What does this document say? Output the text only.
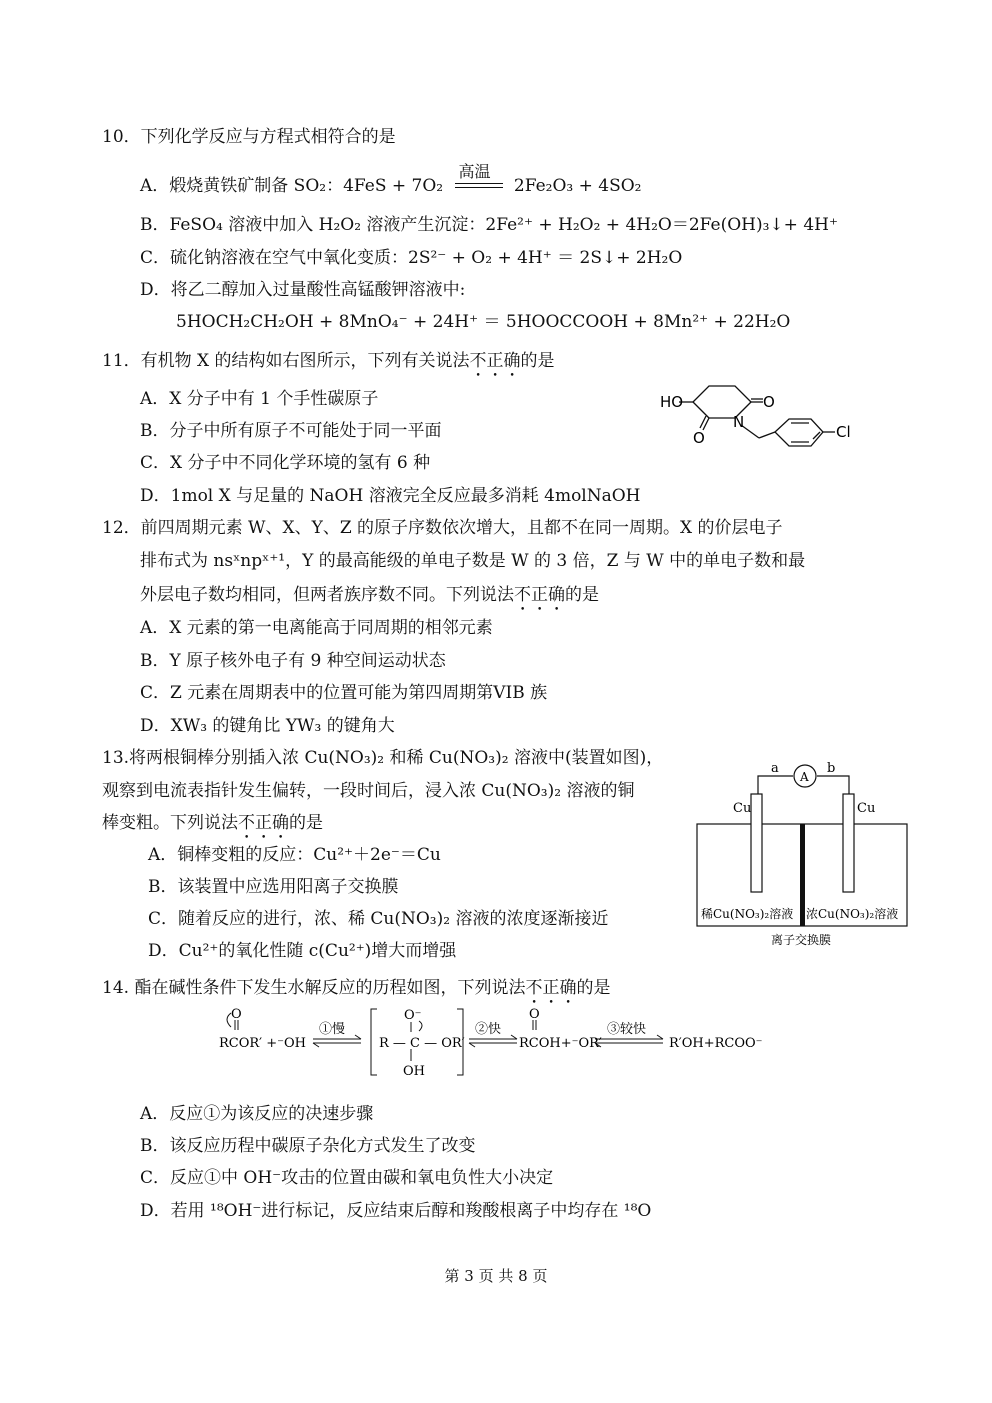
10．下列化学反应与方程式相符合的是
A．煅烧黄铁矿制备 SO₂：4FeS + 7O₂
高温
2Fe₂O₃ + 4SO₂
B．FeSO₄ 溶液中加入 H₂O₂ 溶液产生沉淀：2Fe²⁺ + H₂O₂ + 4H₂O＝2Fe(OH)₃↓+ 4H⁺
C．硫化钠溶液在空气中氧化变质：2S²⁻ + O₂ + 4H⁺ ＝ 2S↓+ 2H₂O
D．将乙二醇加入过量酸性高锰酸钾溶液中:
5HOCH₂CH₂OH + 8MnO₄⁻ + 24H⁺ ＝ 5HOOCCOOH + 8Mn²⁺ + 22H₂O
11．有机物 X 的结构如右图所示，下列有关说法不正确的是
A．X 分子中有 1 个手性碳原子
B．分子中所有原子不可能处于同一平面
C．X 分子中不同化学环境的氢有 6 种
D．1mol X 与足量的 NaOH 溶液完全反应最多消耗 4molNaOH
HO	O
O
N
Cl
12．前四周期元素 W、X、Y、Z 的原子序数依次增大，且都不在同一周期。X 的价层电子
排布式为 nsˣnpˣ⁺¹，Y 的最高能级的单电子数是 W 的 3 倍，Z 与 W 中的单电子数和最
外层电子数均相同，但两者族序数不同。下列说法不正确的是
A．X 元素的第一电离能高于同周期的相邻元素
B．Y 原子核外电子有 9 种空间运动状态
C．Z 元素在周期表中的位置可能为第四周期第VIB 族
D．XW₃ 的键角比 YW₃ 的键角大
13.将两根铜棒分别插入浓 Cu(NO₃)₂ 和稀 Cu(NO₃)₂ 溶液中(装置如图)，
观察到电流表指针发生偏转，一段时间后，浸入浓 Cu(NO₃)₂ 溶液的铜
棒变粗。下列说法不正确的是
A．铜棒变粗的反应：Cu²⁺＋2e⁻＝Cu
B．该装置中应选用阳离子交换膜
C．随着反应的进行，浓、稀 Cu(NO₃)₂ 溶液的浓度逐渐接近
D．Cu²⁺的氧化性随 c(Cu²⁺)增大而增强
a
A
b
Cu	Cu
稀Cu(NO₃)₂溶液 浓Cu(NO₃)₂溶液
离子交换膜
14. 酯在碱性条件下发生水解反应的历程如图，下列说法不正确的是
O
RCOR′ +⁻OH
①慢
O⁻
R — C — OR′
OH
②快
O
RCOH+⁻OR′
③较快
R′OH+RCOO⁻
A．反应①为该反应的决速步骤
B．该反应历程中碳原子杂化方式发生了改变
C．反应①中 OH⁻攻击的位置由碳和氧电负性大小决定
D．若用 ¹⁸OH⁻进行标记，反应结束后醇和羧酸根离子中均存在 ¹⁸O
第 3 页 共 8 页
